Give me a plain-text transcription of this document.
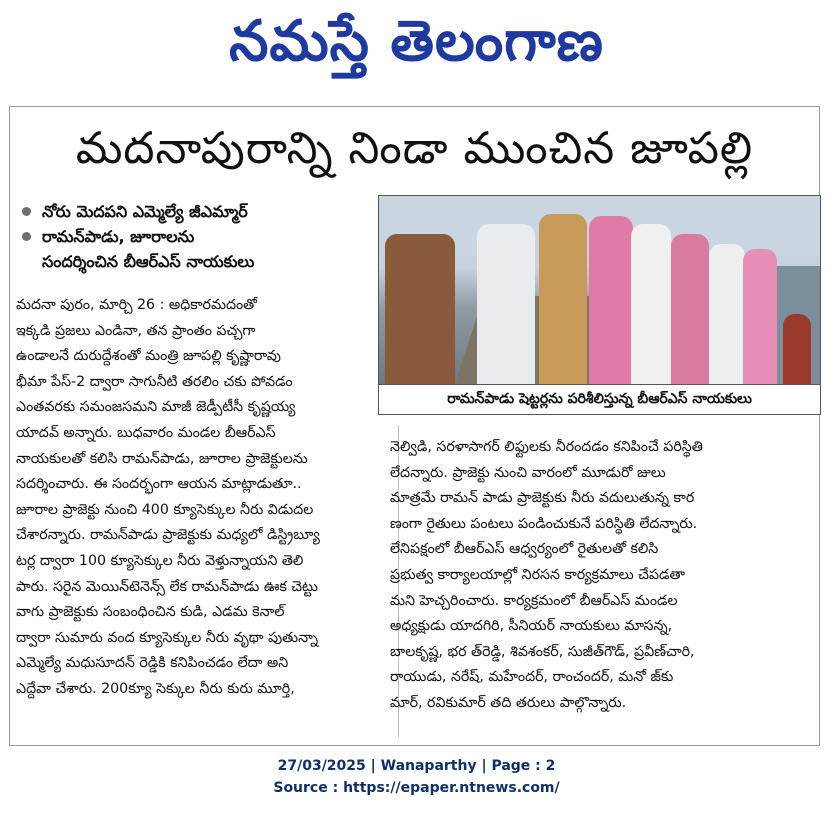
నమస్తే తెలంగాణ
మదనాపురాన్ని నిండా ముంచిన జూపల్లి
నోరు మెదపని ఎమ్మెల్యే జీఎమ్మార్
రామన్‌పాడు, జూరాలను
సందర్శించిన బీఆర్ఎస్ నాయకులు
రామన్‌పాడు షెట్టర్లను పరిశీలిస్తున్న బీఆర్ఎస్ నాయకులు

మదనా పురం, మార్చి 26 : అధికారమదంతో

ఇక్కడి ప్రజలు ఎండినా, తన ప్రాంతం పచ్చగా

ఉండాలనే దురుద్దేశంతో మంత్రి జూపల్లి కృష్ణారావు

భీమా పేస్-2 ద్వారా సాగునీటి తరలిం చకు పోవడం

ఎంతవరకు సమంజసమని మాజీ జెడ్పీటీసీ కృష్ణయ్య

యాదవ్ అన్నారు. బుధవారం మండల బీఆర్ఎస్

నాయకులతో కలిసి రామన్‌పాడు, జూరాల ప్రాజెక్టులను

సదర్శించారు. ఈ సందర్భంగా ఆయన మాట్లాడుతూ..

జూరాల ప్రాజెక్టు నుంచి 400 క్యూసెక్కుల నీరు విడుదల

చేశారన్నారు. రామన్‌పాడు ప్రాజెక్టుకు మధ్యలో డిస్ట్రిబ్యూ

టర్ల ద్వారా 100 క్యూసెక్కుల నీరు వెళ్తున్నాయని తెలి

పారు. సరైన మెయిన్‌టెనెన్స్ లేక రామన్‌పాడు ఊక చెట్టు

వాగు ప్రాజెక్టుకు సంబంధించిన కుడి, ఎడమ కెనాల్

ద్వారా సుమారు వంద క్యూసెక్కుల నీరు వృథా పుతున్నా

ఎమ్మెల్యే మధుసూదన్ రెడ్డికి కనిపించడం లేదా అని

ఎద్దేవా చేశారు. 200క్యూ సెక్కుల నీరు కురు మూర్తి,

నెల్విడి, సరళాసాగర్ లిఫ్టులకు నీరందడం కనిపించే పరిస్థితి

లేదన్నారు. ప్రాజెక్టు నుంచి వారంలో మూడురో జులు

మాత్రమే రామన్ పాడు ప్రాజెక్టుకు నీరు వదులుతున్న కార

ణంగా రైతులు పంటలు పండించుకునే పరిస్థితి లేదన్నారు.

లేనిపక్షంలో బీఆర్ఎస్ ఆధ్వర్యంలో రైతులతో కలిసి

ప్రభుత్వ కార్యాలయాల్లో నిరసన కార్యక్రమాలు చేపడతా

మని హెచ్చరించారు. కార్యక్రమంలో బీఆర్ఎస్ మండల

అధ్యక్షుడు యాదగిరి, సీనియర్ నాయకులు మాసన్న,

బాలకృష్ణ, భర త్‌రెడ్డి, శివశంకర్, సుజీత్‌గౌడ్, ప్రవీణ్‌చారి,

రాయుడు, నరేష్, మహేందర్, రాంచందర్, మనో జ్‌కు

మార్, రవికుమార్ తది తరులు పాల్గొన్నారు.

27/03/2025 | Wanaparthy | Page : 2
Source : https://epaper.ntnews.com/
